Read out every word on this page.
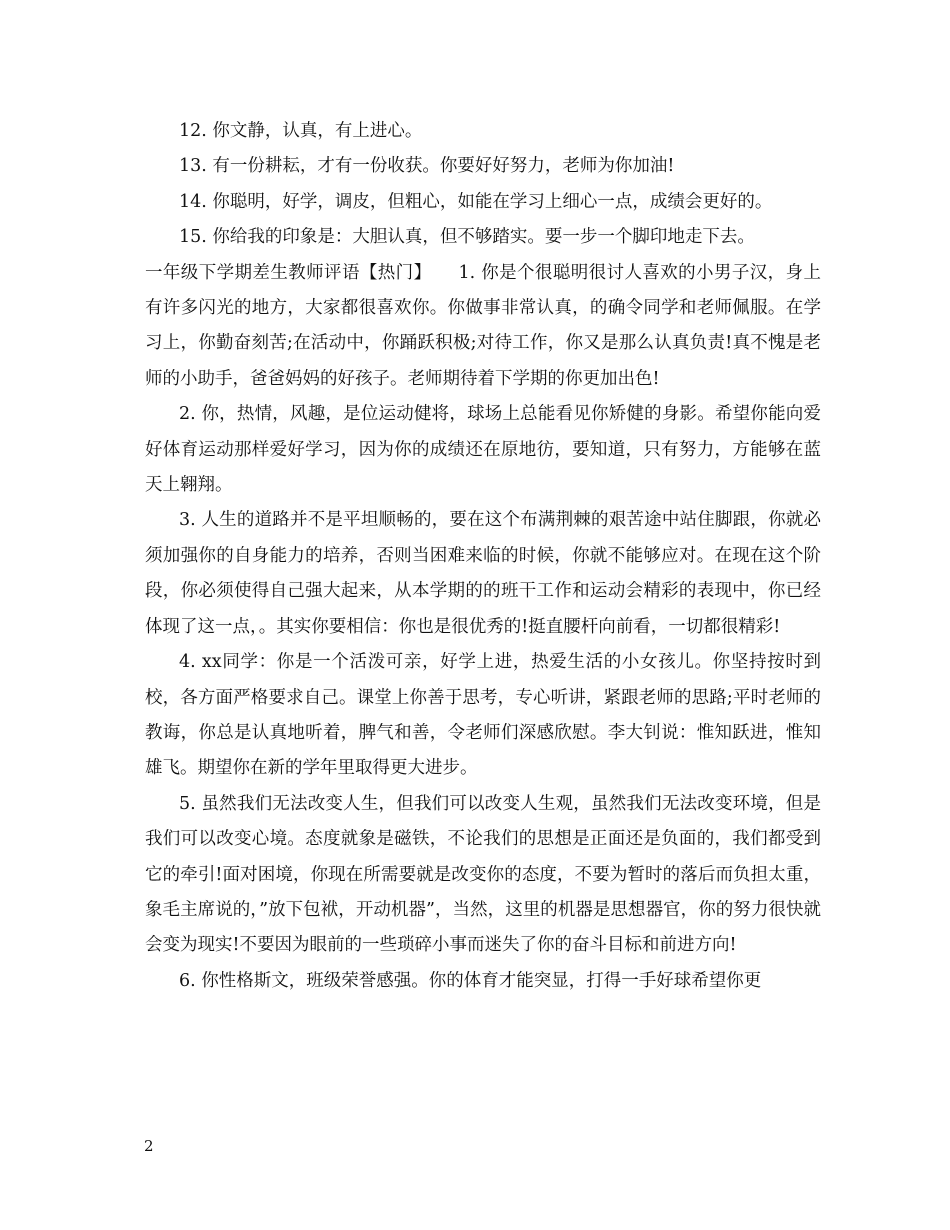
12. 你文静，认真，有上进心。

13. 有一份耕耘，才有一份收获。你要好好努力，老师为你加油!

14. 你聪明，好学，调皮，但粗心，如能在学习上细心一点，成绩会更好的。

15. 你给我的印象是：大胆认真，但不够踏实。要一步一个脚印地走下去。

一年级下学期差生教师评语【热门】　　1. 你是个很聪明很讨人喜欢的小男子汉，身上有许多闪光的地方，大家都很喜欢你。你做事非常认真，的确令同学和老师佩服。在学习上，你勤奋刻苦;在活动中，你踊跃积极;对待工作，你又是那么认真负责!真不愧是老师的小助手，爸爸妈妈的好孩子。老师期待着下学期的你更加出色!

2. 你，热情，风趣，是位运动健将，球场上总能看见你矫健的身影。希望你能向爱好体育运动那样爱好学习，因为你的成绩还在原地彷，要知道，只有努力，方能够在蓝天上翱翔。

3. 人生的道路并不是平坦顺畅的，要在这个布满荆棘的艰苦途中站住脚跟，你就必须加强你的自身能力的培养，否则当困难来临的时候，你就不能够应对。在现在这个阶段，你必须使得自己强大起来，从本学期的的班干工作和运动会精彩的表现中，你已经体现了这一点，。其实你要相信：你也是很优秀的!挺直腰杆向前看，一切都很精彩!

4. xx同学：你是一个活泼可亲，好学上进，热爱生活的小女孩儿。你坚持按时到校，各方面严格要求自己。课堂上你善于思考，专心听讲，紧跟老师的思路;平时老师的教诲，你总是认真地听着，脾气和善，令老师们深感欣慰。李大钊说：惟知跃进，惟知雄飞。期望你在新的学年里取得更大进步。

5. 虽然我们无法改变人生，但我们可以改变人生观，虽然我们无法改变环境，但是我们可以改变心境。态度就象是磁铁，不论我们的思想是正面还是负面的，我们都受到它的牵引!面对困境，你现在所需要就是改变你的态度，不要为暂时的落后而负担太重，象毛主席说的，”放下包袱，开动机器”，当然，这里的机器是思想器官，你的努力很快就会变为现实!不要因为眼前的一些琐碎小事而迷失了你的奋斗目标和前进方向!

6. 你性格斯文，班级荣誉感强。你的体育才能突显，打得一手好球希望你更

2
